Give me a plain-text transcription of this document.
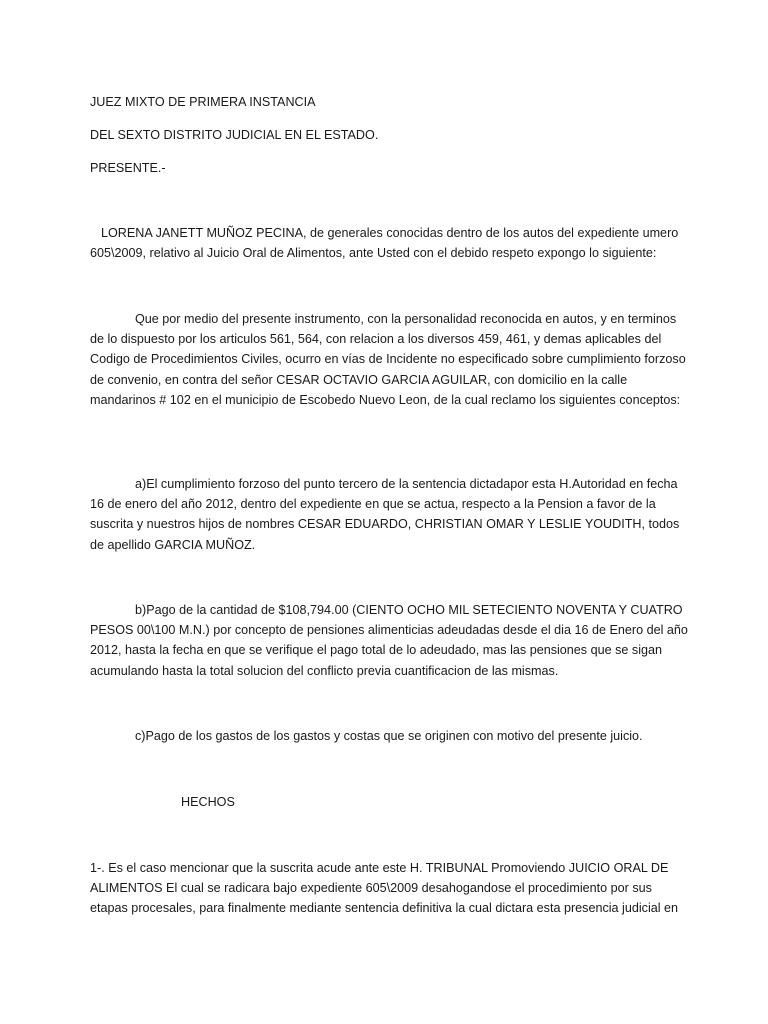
JUEZ MIXTO DE PRIMERA INSTANCIA
DEL SEXTO DISTRITO JUDICIAL EN EL ESTADO.
PRESENTE.-
LORENA JANETT MUÑOZ PECINA, de generales conocidas dentro de los autos del expediente umero 605\2009, relativo al Juicio Oral de Alimentos, ante Usted con el debido respeto expongo lo siguiente:
Que por medio del presente instrumento, con la personalidad reconocida en autos, y en terminos de lo dispuesto por los articulos 561, 564, con relacion a los diversos 459, 461, y demas aplicables del Codigo de Procedimientos Civiles, ocurro en vías de Incidente no especificado sobre cumplimiento forzoso de convenio, en contra del señor CESAR OCTAVIO GARCIA AGUILAR, con domicilio en la calle mandarinos # 102 en el municipio de Escobedo Nuevo Leon, de la cual reclamo los siguientes conceptos:
a)El cumplimiento forzoso del punto tercero de la sentencia dictadapor esta H.Autoridad en fecha 16 de enero del año 2012, dentro del expediente en que se actua, respecto a la Pension a favor de la suscrita y nuestros hijos de nombres CESAR EDUARDO, CHRISTIAN OMAR Y LESLIE YOUDITH, todos de apellido GARCIA MUÑOZ.
b)Pago de la cantidad de $108,794.00 (CIENTO OCHO MIL SETECIENTO NOVENTA Y CUATRO PESOS 00\100 M.N.) por concepto de pensiones alimenticias adeudadas desde el dia 16 de Enero del año 2012, hasta la fecha en que se verifique el pago total de lo adeudado, mas las pensiones que se sigan acumulando hasta la total solucion del conflicto previa cuantificacion de las mismas.
c)Pago de los gastos de los gastos y costas que se originen con motivo del presente juicio.
HECHOS
1-. Es el caso mencionar que la suscrita acude ante este H. TRIBUNAL Promoviendo JUICIO ORAL DE ALIMENTOS El cual se radicara bajo expediente 605\2009 desahogandose el procedimiento por sus etapas procesales, para finalmente mediante sentencia definitiva la cual dictara esta presencia judicial en
